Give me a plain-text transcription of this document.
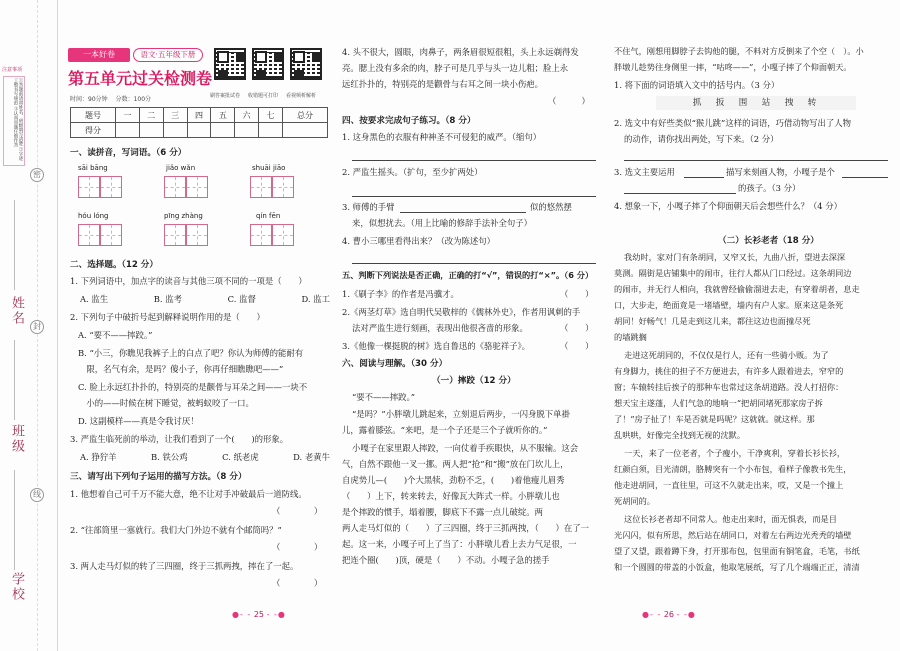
注意事项
①答题前请将姓名、班级填写清楚 ②字迹工整书写规范 ③认真审题仔细作答
密
封
线
姓名
班级
学校
一本好卷	语文·五年级下册
第五单元过关检测卷
时间：90分钟　 分数：100分	刷答案批试卷 收错题可打印 看视频析解析
题号	一	二	三	四	五	六	七	总分
得分								
一、读拼音，写词语。（6 分）
sāi bāng	jiǎo wǎn	shuāi jiāo
hóu lóng	pīng zhàng	qín fēn
二、选择题。（12 分）
1. 下列词语中，加点字的读音与其他三项不同的一项是（　　）
A. 监生	B. 监考	C. 监督	D. 监工
2. 下列句子中破折号起到解释说明作用的是（　　）
A. “要不——摔跤。”
B. “小三，你瞧见我裤子上的白点了吧？你认为师傅的能耐有
　限，名气有余，是吗？傻小子，你再仔细瞧瞧吧——”
C. 脸上永远红扑扑的，特别亮的是颧骨与耳朵之间——一块不
　小的——时候在树下睡觉，被蚂蚁咬了一口。
D. 这副模样——真是令我讨厌！
3. 严监生临死前的举动，让我们看到了一个(　　)的形象。
A. 狰狞羊	B. 铁公鸡	C. 纸老虎	D. 老黄牛
三、请写出下列句子运用的描写方法。（8 分）
1. 他想着自己可千万不能大意，绝不让对手冲破最后一道防线。
（　　　　）
2. “往部筒里一塞就行。我们大门外边不就有个邮筒吗？”
（　　　　）
3. 两人走马灯似的转了三四圈，终于三抓两拽，摔在了一起。
（　　　　）
●- - 25 - -●
4. 头不很大，圆眼，肉鼻子，两条眉很短很粗，头上永远剃得发
亮。腮上没有多余的肉，脖子可是几乎与头一边儿粗；脸上永
远红扑扑的，特别亮的是颧骨与右耳之间一块小伤疤。
（　　　）
四、按要求完成句子练习。（8 分）
1. 这身黑色的衣服有种神圣不可侵犯的威严。（缩句）
2. 严监生摇头。（扩句，至少扩两处）
3. 师傅的手臂	似的悠然摆
来，似想扰去。（用上比喻的修辞手法补全句子）
4. 曹小三哪里看得出来？（改为陈述句）
五、判断下列说法是否正确，正确的打“√”，错误的打“×”。（6 分）
1.《刷子李》的作者是冯骥才。	（　　）
2.《两茎灯草》选自明代吴敬梓的《儒林外史》，作者用讽刺的手
法对严监生进行刻画，表现出他很吝啬的形象。	（　　）
3.《他像一棵挺脱的树》选自鲁迅的《骆驼祥子》。	（　　）
六、阅读与理解。（30 分）
（一）摔跤（12 分）
“要不——摔跤。”
“是吗？”小胖墩儿跳起来，立刻退后两步，一闪身脱下单褂
儿，露着膝弦。“来吧，是一个子还是三个子就听你的。”
小嘎子在家里跟人摔跤，一向仗着手疾眼快，从不服输。这会
气，自然不跟他一叉一挪。两人把“抢”和“搬”放在门坎儿上，
自虎势儿—(　　)个大黑犊，劲粉不乏，(　　)着他瘦儿眉秀
（　　）上下，转来转去，好像瓦大阵式一样。小胖墩儿也
是个摔跤的惯手，塌着腰，脚底下不露一点儿破绽。两
两人走马灯似的（　　）了三四圈，终于三抓两拽，（　　）在了一
起。这一来，小嘎子可上了当了：小胖墩儿看上去力气足很，一
把连个圈(　　)顶，硬是（　　）不动。小嘎子急的搓手
●- - 26 - -●
不住气，刚想用脚脖子去钩他的腿，不料对方反倒来了个空（　）。小
胖墩儿趁势往身侧里一摔，“咕咚——”，小嘎子摔了个仰面朝天。
1. 将下面的词语填入文中的括号内。（3 分）
抓　扳　围　站　拽　转
2. 选文中有好些类似“猴儿跳”这样的词语，巧借动物写出了人物
的动作，请你找出两处，写下来。（2 分）
3. 选文主要运用	描写来刻画人物，小嘎子是个
的孩子。（3 分）
4. 想象一下，小嘎子摔了个仰面朝天后会想些什么？（4 分）
（二）长衫老者（18 分）
我幼时，家对门有条胡同，又窄又长，九曲八折，望进去深深
莫测。隔街是店铺集中的闹市，往行人都从门口经过。这条胡同边
的闹市，并无行人相向，我就曾经偷偷溜进去走，有穿着胡者，息走
口，大步走，绝面竟是一堵墙壁，墙内有户人家。原来这是条死
胡同！好畅气！几是走到这儿来，都往这边也面撞尽死
的墙跳搁
走进这死胡同的，不仅仅是行人，还有一些骑小贩。为了
有身脚力，挑住的担子不方便进去，有许多人跟着进去，窄窄的
窗；车辕转挂后挨子的那种车也常过这条胡道路。没人打招你：
想天宝主遂蓬，人们气急的地响一“把胡同堵死那家房子拆
了！”房子扯了！车是否就是吗呢？这就就。就这样。那
乱哄哄，好像完全找到无视的沈默。
一天，来了一位老者，个子瘦小，干净爽利，穿着长衫长衫，
红颜白须，目光清朗，胳膊突有一个小布包，看样子像教书先生，
他走进胡同，一直往里，可这不久就走出来，哎，又是一个撞上
死胡同的。
这位长衫老者却不同常人。他走出来时，面无惧表，而是目
光闪闪，似有所思，然后站在胡同口，对着左右两边光秃秃的墙壁
望了又望，跟着蹲下身，打开那布包，包里面有铜笔盒，毛笔，书纸
和一个圆圆的带盖的小饭盒，他取笔展纸，写了几个端端正正，清清
